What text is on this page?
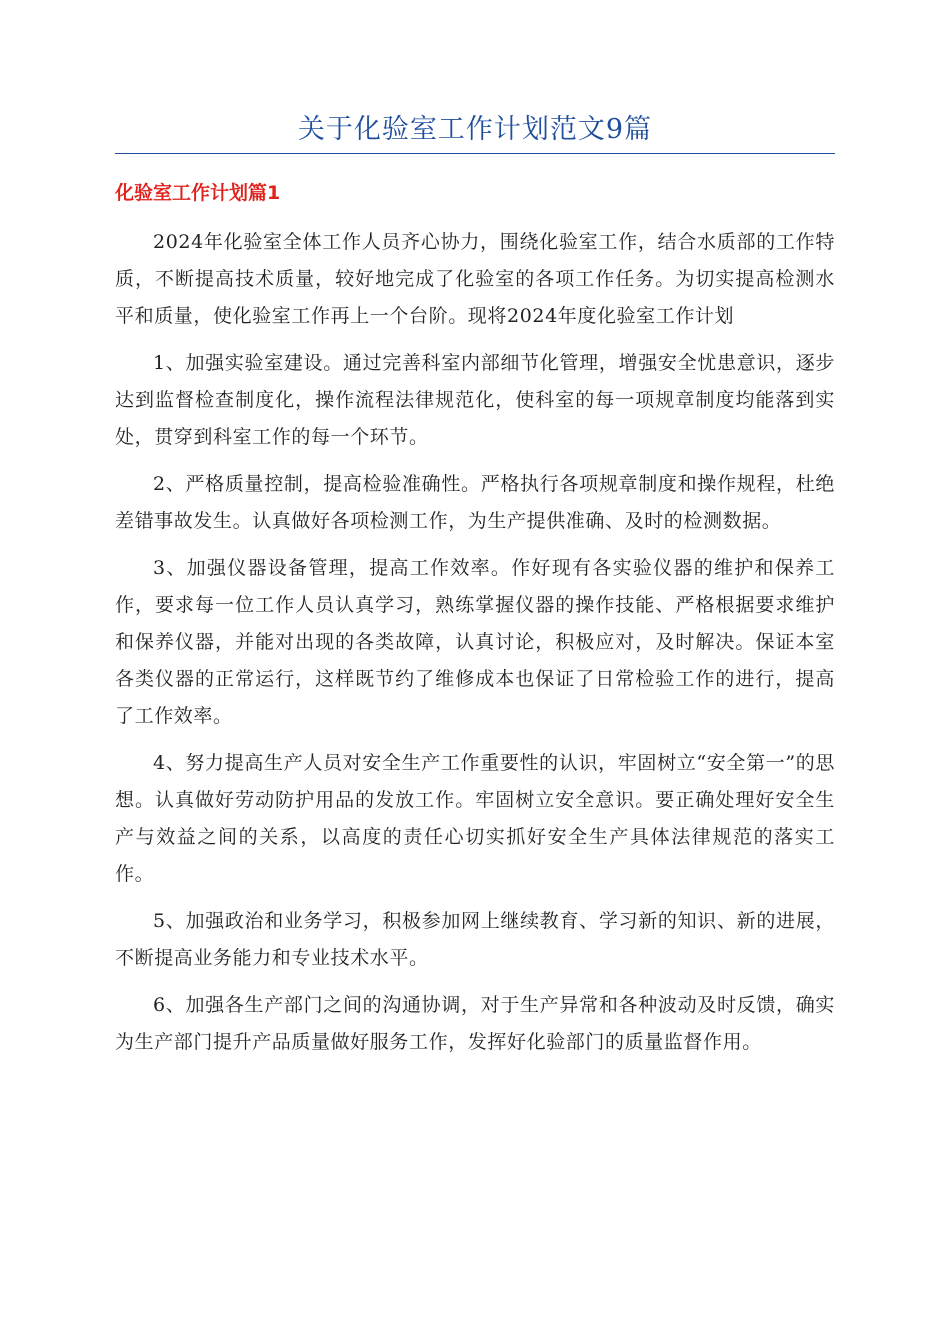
关于化验室工作计划范文9篇
化验室工作计划篇1

2024年化验室全体工作人员齐心协力，围绕化验室工作，结合水质部的工作特质，不断提高技术质量，较好地完成了化验室的各项工作任务。为切实提高检测水平和质量，使化验室工作再上一个台阶。现将2024年度化验室工作计划

1、加强实验室建设。通过完善科室内部细节化管理，增强安全忧患意识，逐步达到监督检查制度化，操作流程法律规范化，使科室的每一项规章制度均能落到实处，贯穿到科室工作的每一个环节。

2、严格质量控制，提高检验准确性。严格执行各项规章制度和操作规程，杜绝差错事故发生。认真做好各项检测工作，为生产提供准确、及时的检测数据。

3、加强仪器设备管理，提高工作效率。作好现有各实验仪器的维护和保养工作，要求每一位工作人员认真学习，熟练掌握仪器的操作技能、严格根据要求维护和保养仪器，并能对出现的各类故障，认真讨论，积极应对，及时解决。保证本室各类仪器的正常运行，这样既节约了维修成本也保证了日常检验工作的进行，提高了工作效率。

4、努力提高生产人员对安全生产工作重要性的认识，牢固树立“安全第一”的思想。认真做好劳动防护用品的发放工作。牢固树立安全意识。要正确处理好安全生产与效益之间的关系，以高度的责任心切实抓好安全生产具体法律规范的落实工作。

5、加强政治和业务学习，积极参加网上继续教育、学习新的知识、新的进展，不断提高业务能力和专业技术水平。

6、加强各生产部门之间的沟通协调，对于生产异常和各种波动及时反馈，确实为生产部门提升产品质量做好服务工作，发挥好化验部门的质量监督作用。
